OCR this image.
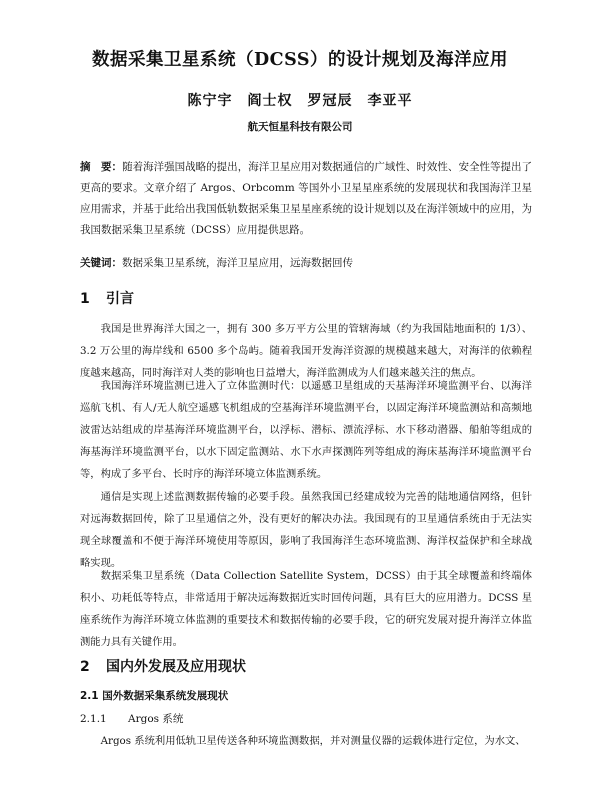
数据采集卫星系统（DCSS）的设计规划及海洋应用
陈宁宇　阎士权　罗冠辰　李亚平
航天恒星科技有限公司
摘　要：随着海洋强国战略的提出，海洋卫星应用对数据通信的广域性、时效性、安全性等提出了更高的要求。文章介绍了 Argos、Orbcomm 等国外小卫星星座系统的发展现状和我国海洋卫星应用需求，并基于此给出我国低轨数据采集卫星星座系统的设计规划以及在海洋领域中的应用，为我国数据采集卫星系统（DCSS）应用提供思路。
关键词：数据采集卫星系统，海洋卫星应用，远海数据回传
1 引言
我国是世界海洋大国之一，拥有 300 多万平方公里的管辖海域（约为我国陆地面积的 1/3）、3.2 万公里的海岸线和 6500 多个岛屿。随着我国开发海洋资源的规模越来越大，对海洋的依赖程度越来越高，同时海洋对人类的影响也日益增大，海洋监测成为人们越来越关注的焦点。
我国海洋环境监测已进入了立体监测时代：以遥感卫星组成的天基海洋环境监测平台、以海洋巡航飞机、有人/无人航空遥感飞机组成的空基海洋环境监测平台，以固定海洋环境监测站和高频地波雷达站组成的岸基海洋环境监测平台，以浮标、潜标、漂流浮标、水下移动潜器、船舶等组成的海基海洋环境监测平台，以水下固定监测站、水下水声探测阵列等组成的海床基海洋环境监测平台等，构成了多平台、长时序的海洋环境立体监测系统。
通信是实现上述监测数据传输的必要手段。虽然我国已经建成较为完善的陆地通信网络，但针对远海数据回传，除了卫星通信之外，没有更好的解决办法。我国现有的卫星通信系统由于无法实现全球覆盖和不便于海洋环境使用等原因，影响了我国海洋生态环境监测、海洋权益保护和全球战略实现。
数据采集卫星系统（Data Collection Satellite System，DCSS）由于其全球覆盖和终端体积小、功耗低等特点，非常适用于解决远海数据近实时回传问题，具有巨大的应用潜力。DCSS 星座系统作为海洋环境立体监测的重要技术和数据传输的必要手段，它的研究发展对提升海洋立体监测能力具有关键作用。
2 国内外发展及应用现状
2.1 国外数据采集系统发展现状
2.1.1 Argos 系统
Argos 系统利用低轨卫星传送各种环境监测数据，并对测量仪器的运载体进行定位，为水文、
